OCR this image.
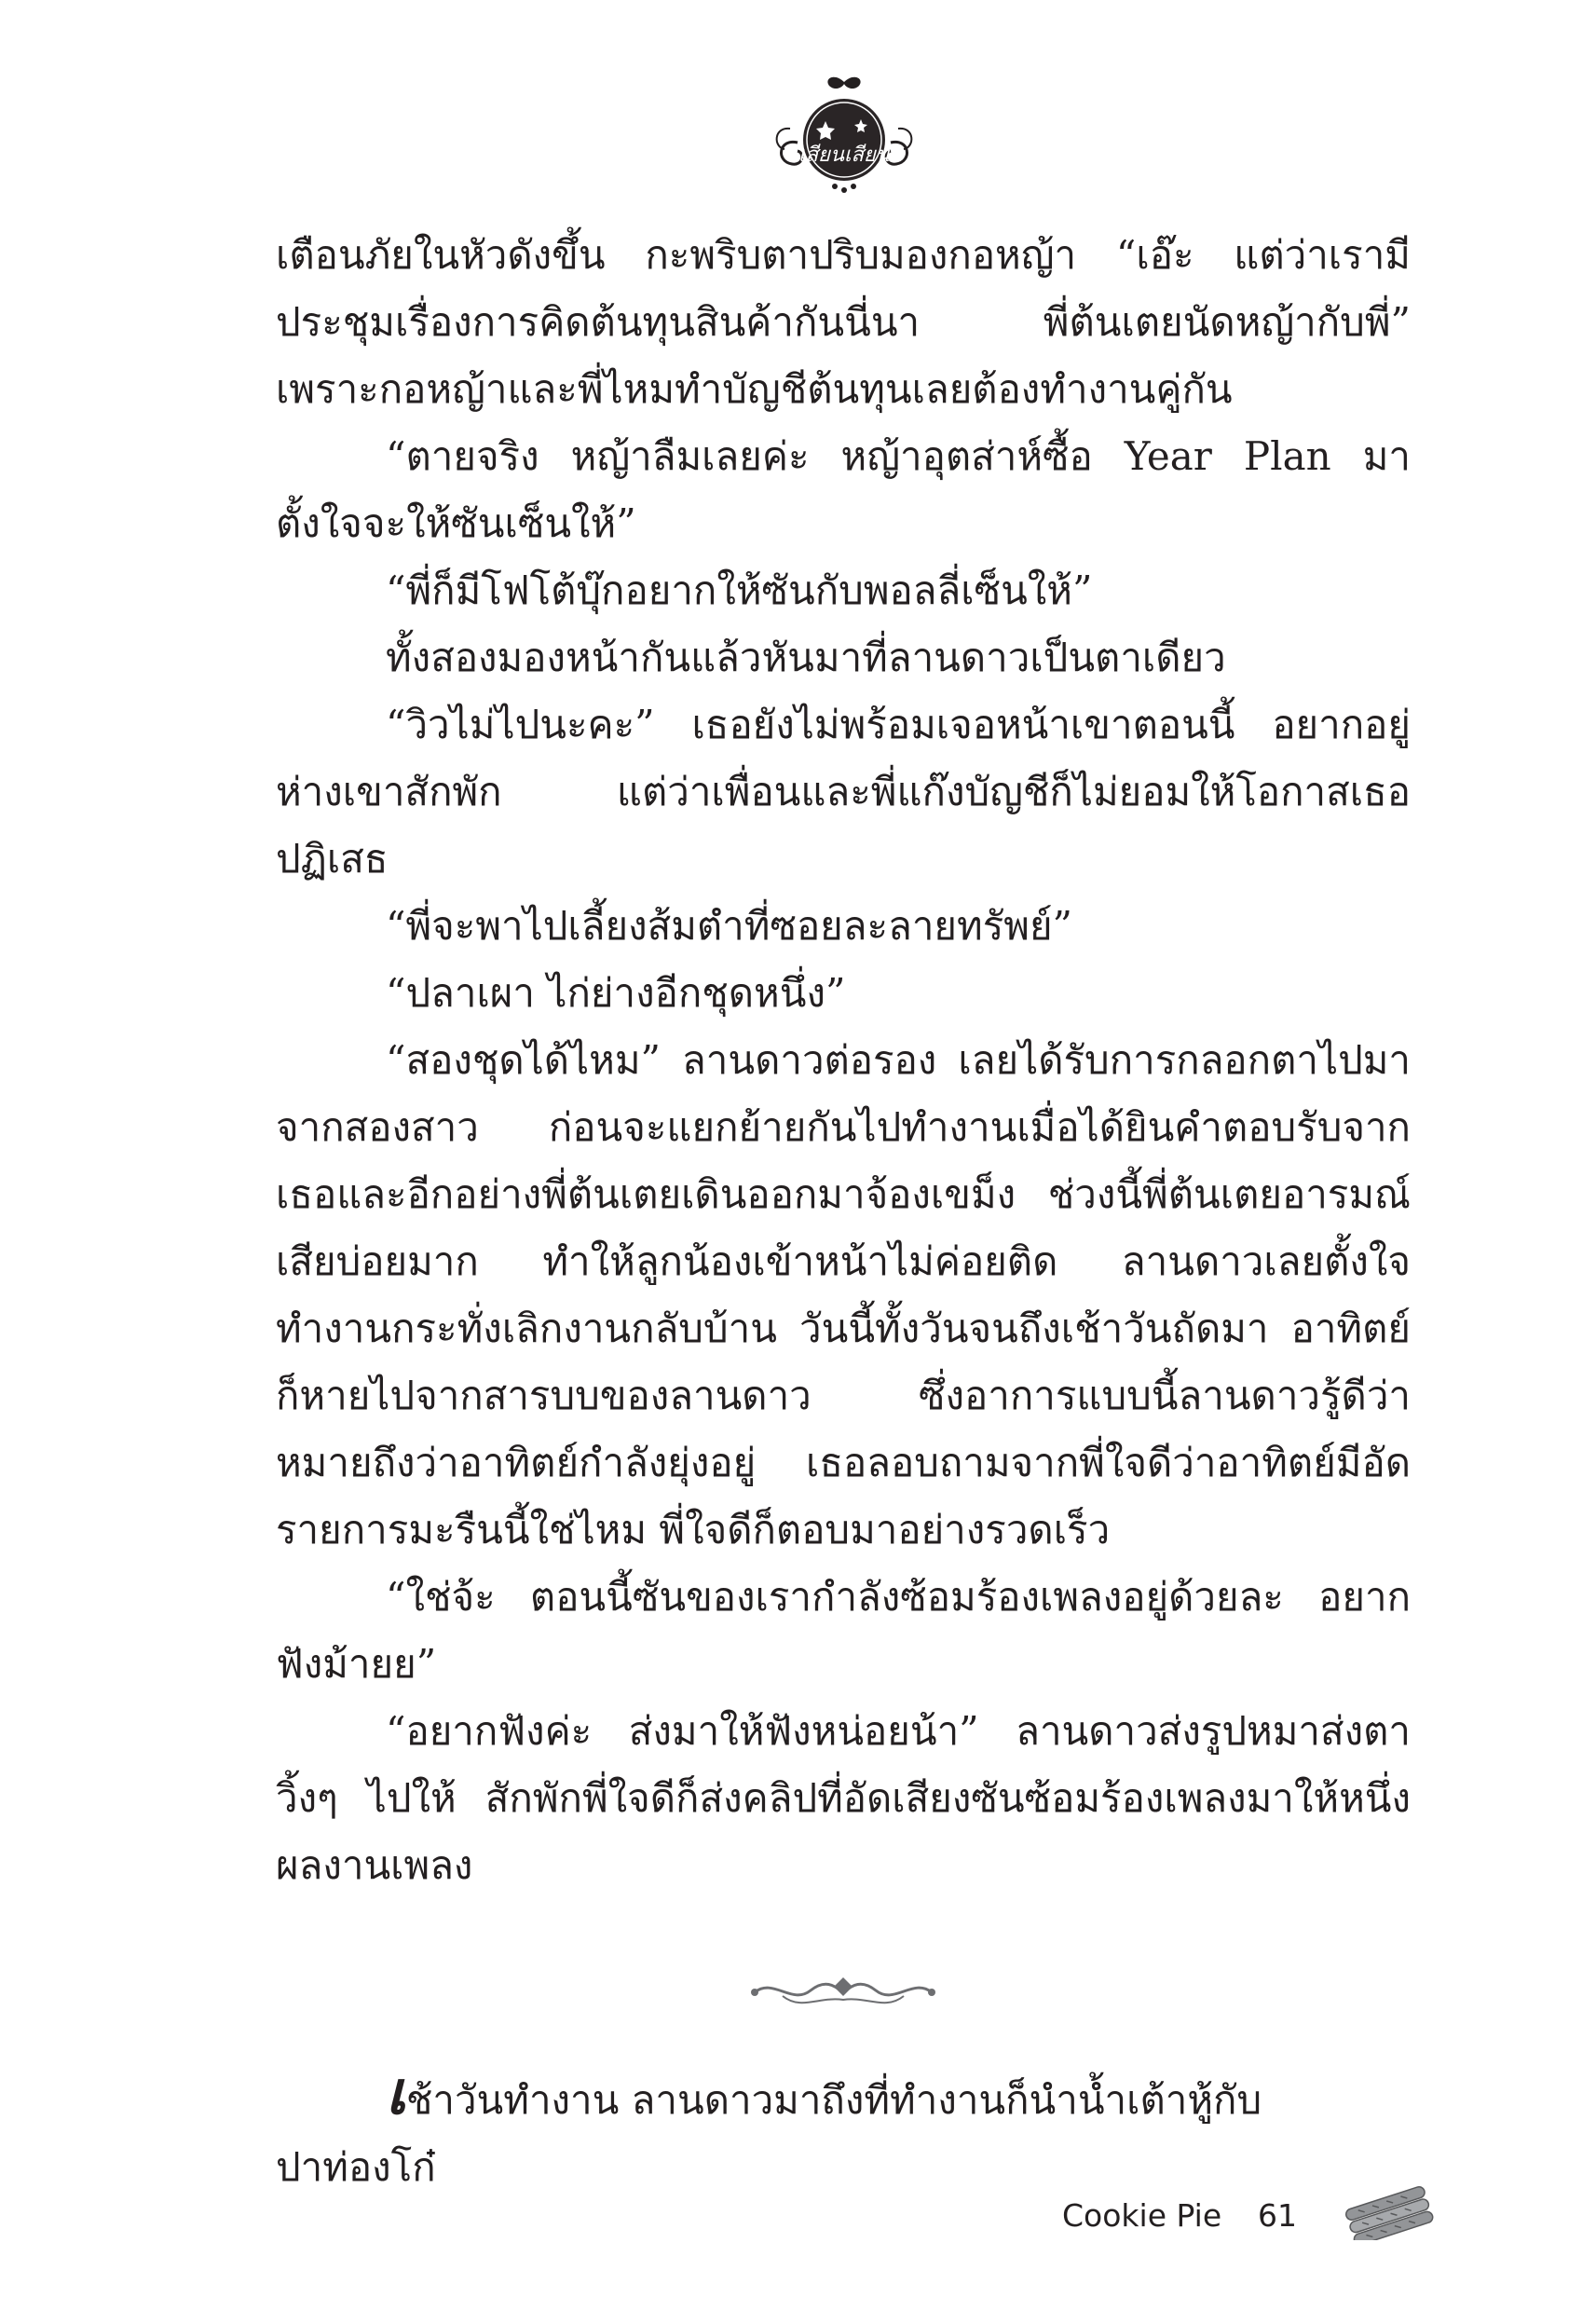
เสียนเสียน

เตือนภัยในหัวดังขึ้น กะพริบตาปริบมองกอหญ้า “เอ๊ะ แต่ว่าเรามีประชุมเรื่องการคิดต้นทุนสินค้ากันนี่นา พี่ต้นเตยนัดหญ้ากับพี่” เพราะกอหญ้าและพี่ไหมทำบัญชีต้นทุนเลยต้องทำงานคู่กัน

“ตายจริง หญ้าลืมเลยค่ะ หญ้าอุตส่าห์ซื้อ Year Plan มา ตั้งใจจะให้ซันเซ็นให้”

“พี่ก็มีโฟโต้บุ๊กอยากให้ซันกับพอลลี่เซ็นให้”

ทั้งสองมองหน้ากันแล้วหันมาที่ลานดาวเป็นตาเดียว

“วิวไม่ไปนะคะ” เธอยังไม่พร้อมเจอหน้าเขาตอนนี้ อยากอยู่ห่างเขาสักพัก แต่ว่าเพื่อนและพี่แก๊งบัญชีก็ไม่ยอมให้โอกาสเธอปฏิเสธ

“พี่จะพาไปเลี้ยงส้มตำที่ซอยละลายทรัพย์”

“ปลาเผา ไก่ย่างอีกชุดหนึ่ง”

“สองชุดได้ไหม” ลานดาวต่อรอง เลยได้รับการกลอกตาไปมาจากสองสาว ก่อนจะแยกย้ายกันไปทำงานเมื่อได้ยินคำตอบรับจากเธอและอีกอย่างพี่ต้นเตยเดินออกมาจ้องเขม็ง ช่วงนี้พี่ต้นเตยอารมณ์เสียบ่อยมาก ทำให้ลูกน้องเข้าหน้าไม่ค่อยติด ลานดาวเลยตั้งใจทำงานกระทั่งเลิกงานกลับบ้าน วันนี้ทั้งวันจนถึงเช้าวันถัดมา อาทิตย์ก็หายไปจากสารบบของลานดาว ซึ่งอาการแบบนี้ลานดาวรู้ดีว่าหมายถึงว่าอาทิตย์กำลังยุ่งอยู่ เธอลอบถามจากพี่ใจดีว่าอาทิตย์มีอัดรายการมะรืนนี้ใช่ไหม พี่ใจดีก็ตอบมาอย่างรวดเร็ว

“ใช่จ้ะ ตอนนี้ซันของเรากำลังซ้อมร้องเพลงอยู่ด้วยละ อยากฟังม้ายย”

“อยากฟังค่ะ ส่งมาให้ฟังหน่อยน้า” ลานดาวส่งรูปหมาส่งตาวิ้งๆ ไปให้ สักพักพี่ใจดีก็ส่งคลิปที่อัดเสียงซันซ้อมร้องเพลงมาให้หนึ่งผลงานเพลง

เช้าวันทำงาน ลานดาวมาถึงที่ทำงานก็นำน้ำเต้าหู้กับปาท่องโก๋

Cookie Pie 61
